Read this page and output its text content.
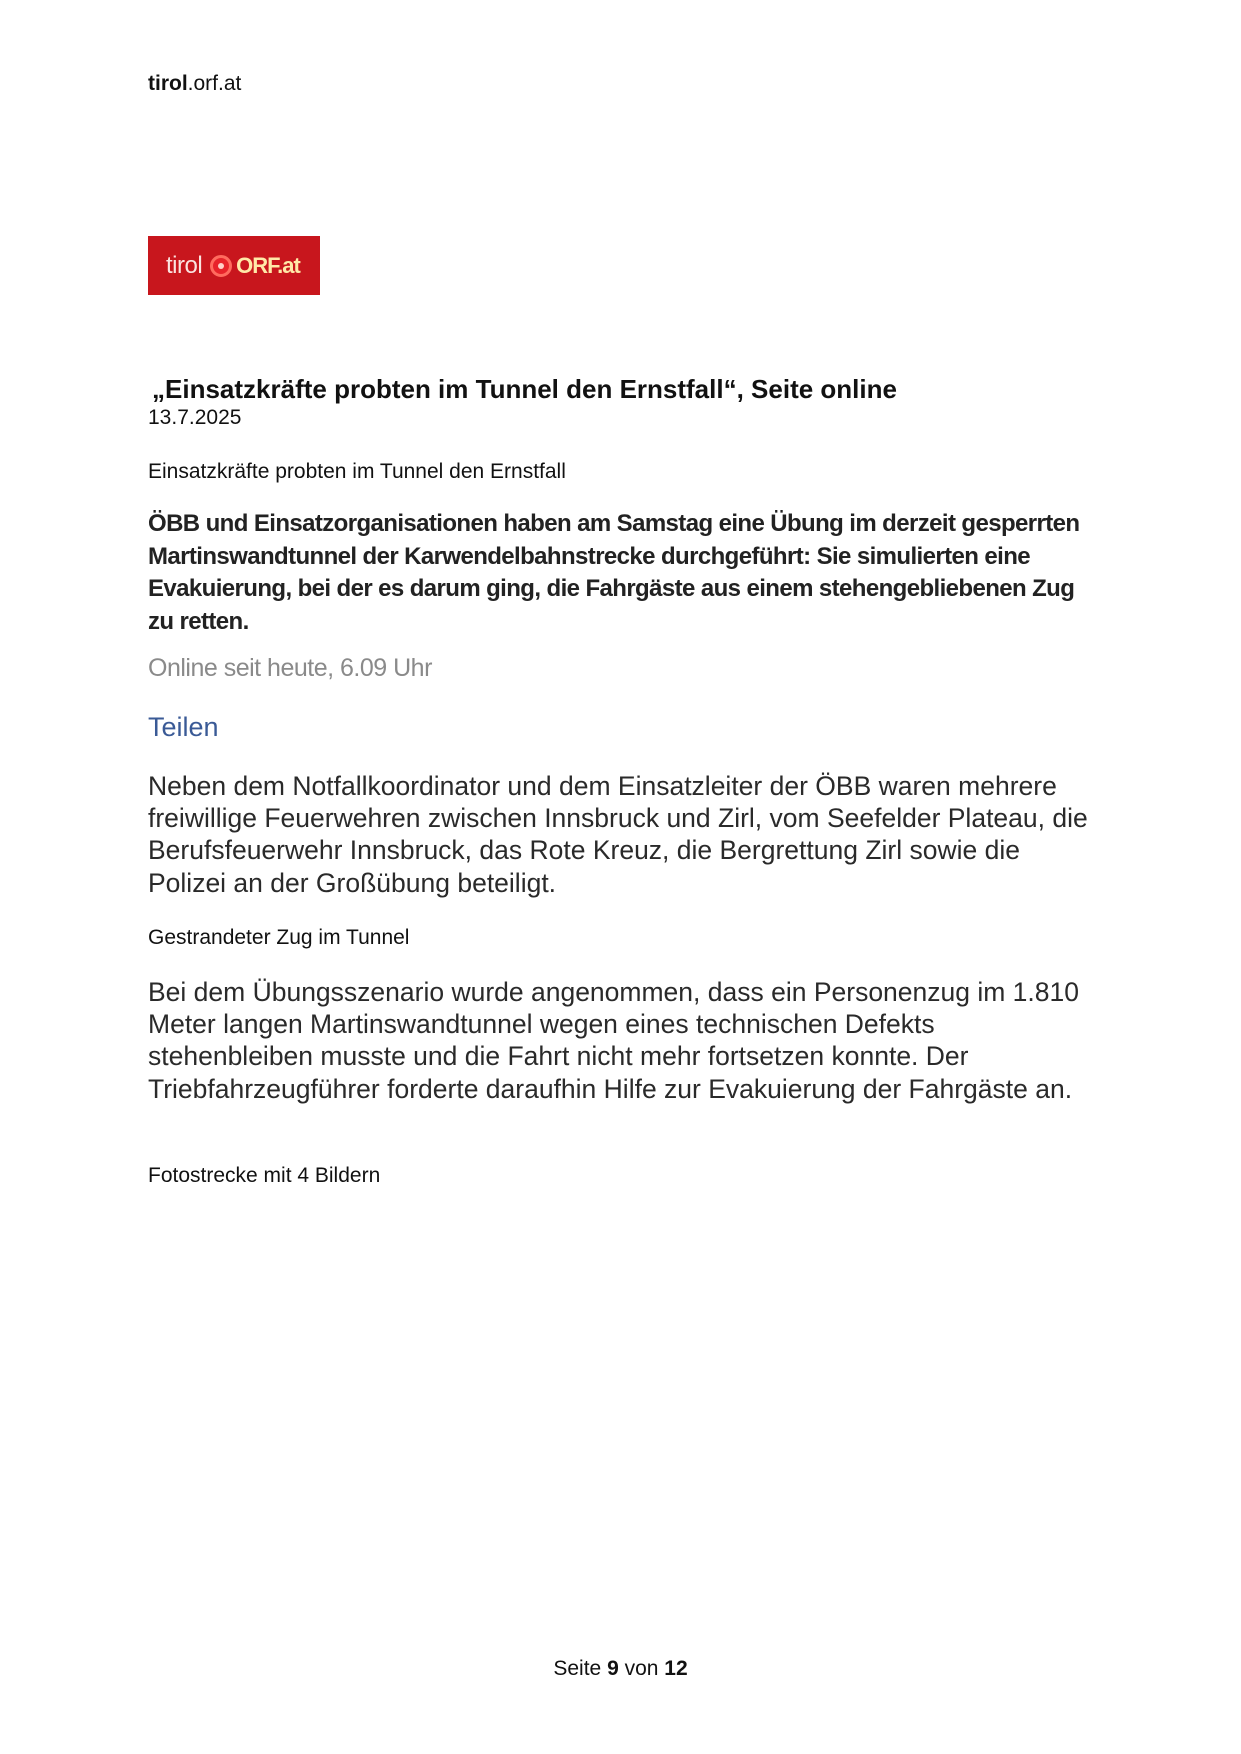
tirol.orf.at
tirol ORF.at
„Einsatzkräfte probten im Tunnel den Ernstfall“, Seite online
13.7.2025
Einsatzkräfte probten im Tunnel den Ernstfall
ÖBB und Einsatzorganisationen haben am Samstag eine Übung im derzeit gesperrten Martinswandtunnel der Karwendelbahnstrecke durchgeführt: Sie simulierten eine Evakuierung, bei der es darum ging, die Fahrgäste aus einem stehengebliebenen Zug zu retten.
Online seit heute, 6.09 Uhr
Teilen
Neben dem Notfallkoordinator und dem Einsatzleiter der ÖBB waren mehrere freiwillige Feuerwehren zwischen Innsbruck und Zirl, vom Seefelder Plateau, die Berufsfeuerwehr Innsbruck, das Rote Kreuz, die Bergrettung Zirl sowie die Polizei an der Großübung beteiligt.
Gestrandeter Zug im Tunnel
Bei dem Übungsszenario wurde angenommen, dass ein Personenzug im 1.810 Meter langen Martinswandtunnel wegen eines technischen Defekts stehenbleiben musste und die Fahrt nicht mehr fortsetzen konnte. Der Triebfahrzeugführer forderte daraufhin Hilfe zur Evakuierung der Fahrgäste an.
Fotostrecke mit 4 Bildern
Seite 9 von 12
